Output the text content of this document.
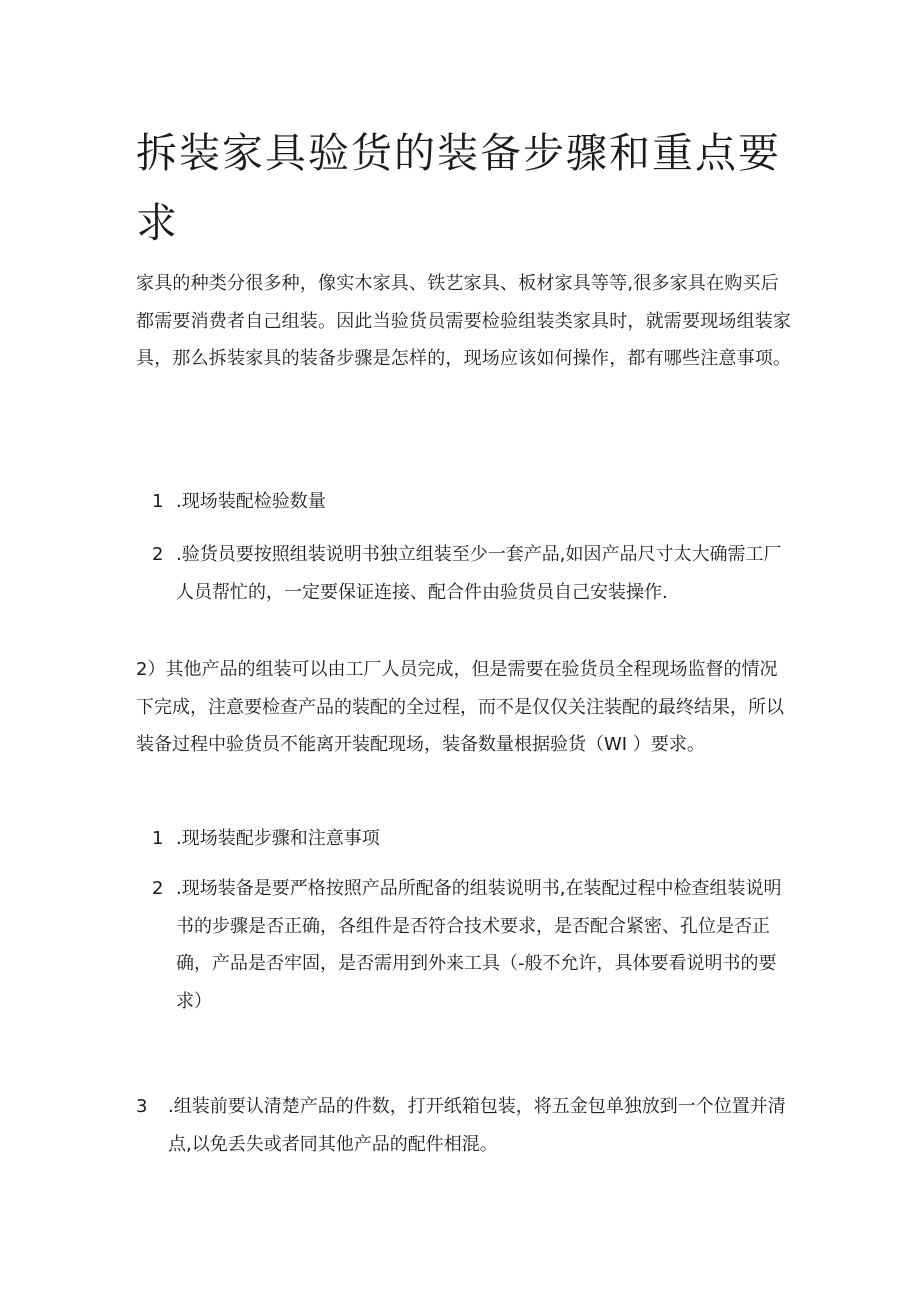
拆装家具验货的装备步骤和重点要求

家具的种类分很多种，像实木家具、铁艺家具、板材家具等等,很多家具在购买后都需要消费者自己组装。因此当验货员需要检验组装类家具时，就需要现场组装家具，那么拆装家具的装备步骤是怎样的，现场应该如何操作，都有哪些注意事项。

1 .现场装配检验数量
2 .验货员要按照组装说明书独立组装至少一套产品,如因产品尺寸太大确需工厂人员帮忙的，一定要保证连接、配合件由验货员自己安装操作.

2）其他产品的组装可以由工厂人员完成，但是需要在验货员全程现场监督的情况下完成，注意要检查产品的装配的全过程，而不是仅仅关注装配的最终结果，所以装备过程中验货员不能离开装配现场，装备数量根据验货（WI ）要求。

1 .现场装配步骤和注意事项
2 .现场装备是要严格按照产品所配备的组装说明书,在装配过程中检查组装说明书的步骤是否正确，各组件是否符合技术要求，是否配合紧密、孔位是否正确，产品是否牢固，是否需用到外来工具（-般不允许，具体要看说明书的要求）
3	.组装前要认清楚产品的件数，打开纸箱包装，将五金包单独放到一个位置并清点,以免丢失或者同其他产品的配件相混。
